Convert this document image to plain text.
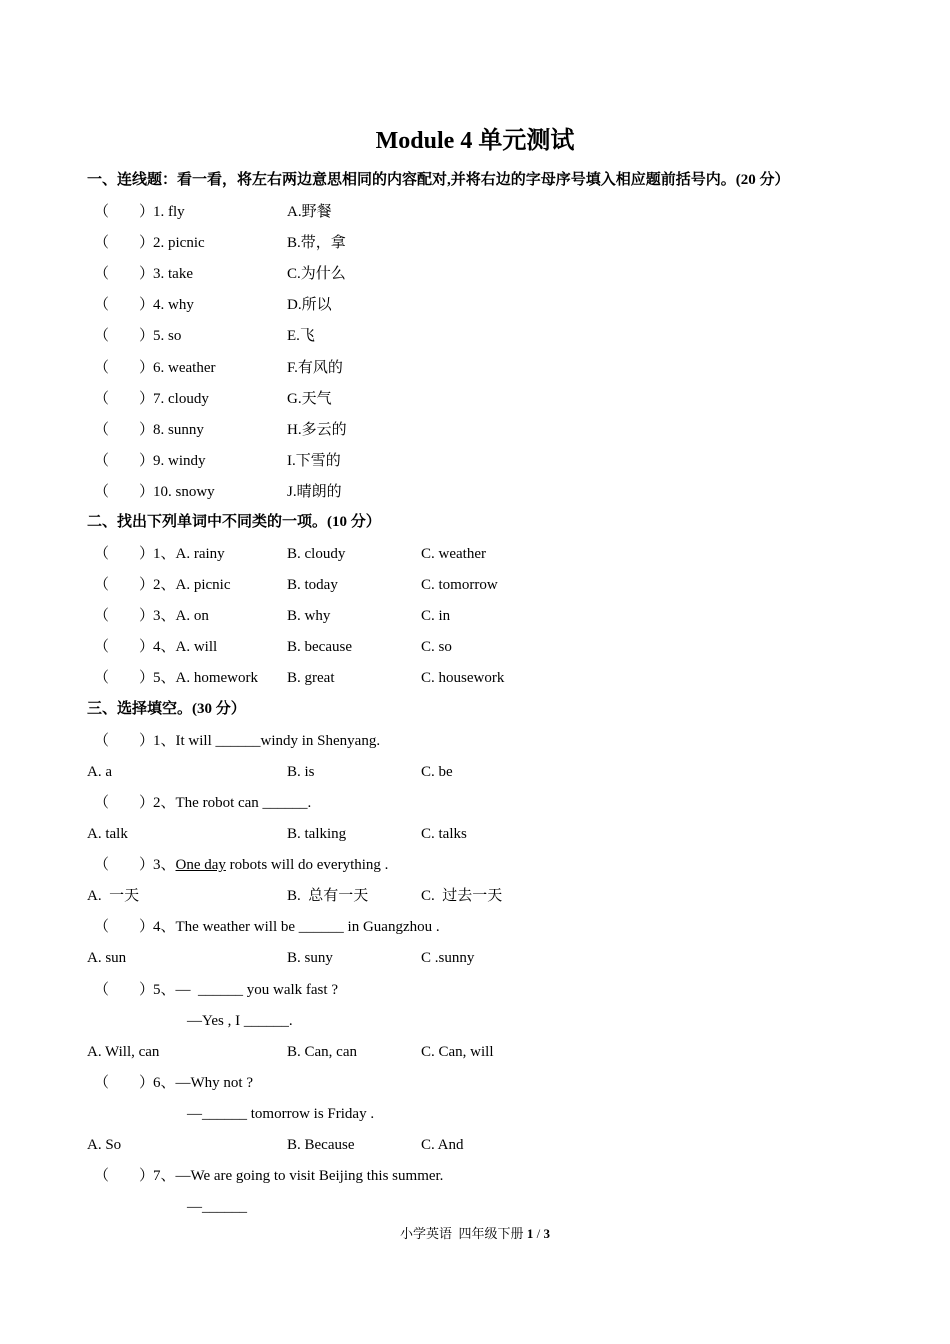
Module 4 单元测试
一、连线题：看一看，将左右两边意思相同的内容配对,并将右边的字母序号填入相应题前括号内。(20 分）
（　　）
1. fly	A.野餐
（　　）
2. picnic	B.带，拿
（　　）
3. take	C.为什么
（　　）
4. why	D.所以
（　　）
5. so	E.飞
（　　）
6. weather	F.有风的
（　　）
7. cloudy	G.天气
（　　）
8. sunny	H.多云的
（　　）
9. windy	I.下雪的
（　　）
10. snowy	J.晴朗的
二、找出下列单词中不同类的一项。(10 分）
（　　）
1、A. rainy	B. cloudy	C. weather
（　　）
2、A. picnic	B. today	C. tomorrow
（　　）
3、A. on	B. why	C. in
（　　）
4、A. will	B. because	C. so
（　　）
5、A. homework B. great	C. housework
三、选择填空。(30 分）
（　　）
1、It will ______windy in Shenyang.
A. a	B. is	C. be
（　　）
2、The robot can ______.
A. talk	B. talking	C. talks
（　　）
3、One day robots will do everything .
A.  一天	B.  总有一天	C.  过去一天
（　　）
4、The weather will be ______ in Guangzhou .
A. sun	B. suny	C .sunny
（　　）
5、—  ______ you walk fast ?
—Yes , I ______.
A. Will, can	B. Can, can	C. Can, will
（　　）
6、—Why not ?
—______ tomorrow is Friday .
A. So	B. Because	C. And
（　　）
7、—We are going to visit Beijing this summer.
—______
小学英语  四年级下册 1 / 3
